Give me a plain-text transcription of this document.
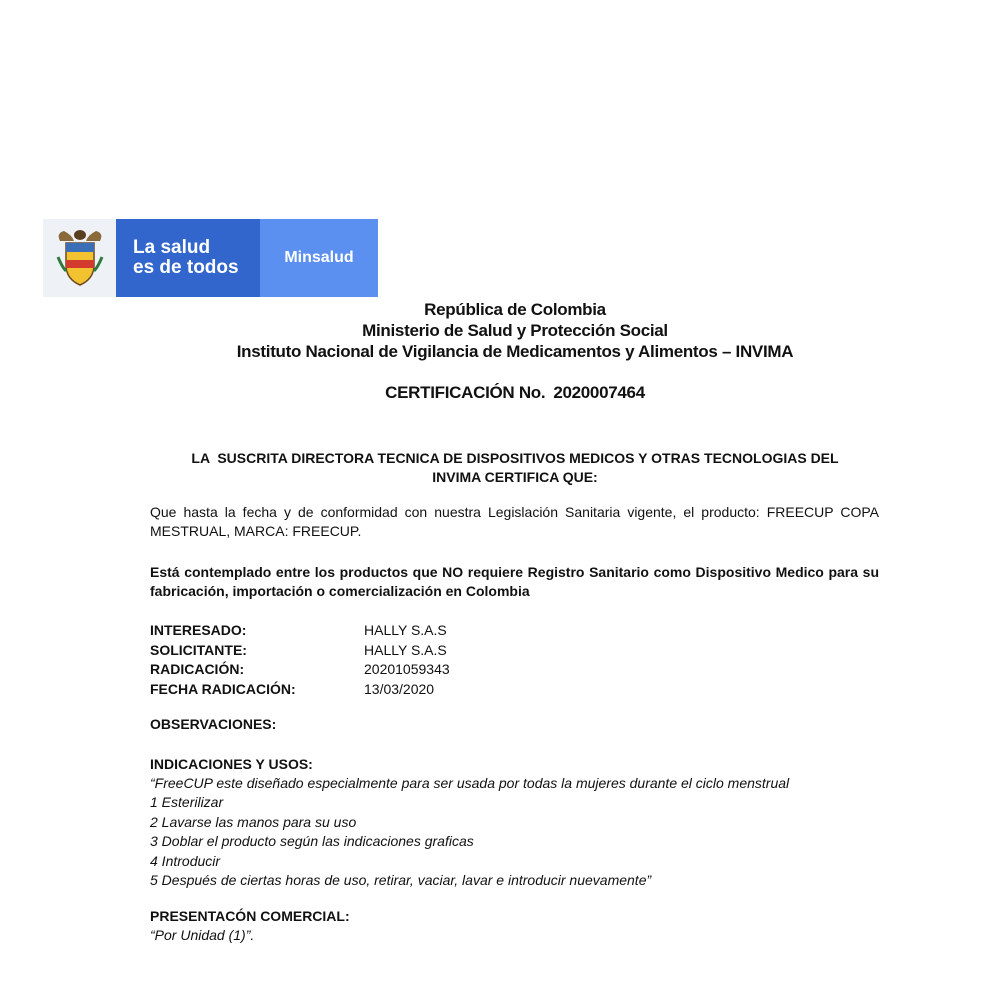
La salud
es de todos	Minsalud
República de Colombia
Ministerio de Salud y Protección Social
Instituto Nacional de Vigilancia de Medicamentos y Alimentos – INVIMA
CERTIFICACIÓN No. 2020007464
LA  SUSCRITA DIRECTORA TECNICA DE DISPOSITIVOS MEDICOS Y OTRAS TECNOLOGIAS DEL
INVIMA CERTIFICA QUE:
Que hasta la fecha y de conformidad con nuestra Legislación Sanitaria vigente, el producto: FREECUP COPA MESTRUAL, MARCA: FREECUP.
Está contemplado entre los productos que NO requiere Registro Sanitario como Dispositivo Medico para su fabricación, importación o comercialización en Colombia
INTERESADO:	HALLY S.A.S
SOLICITANTE:	HALLY S.A.S
RADICACIÓN:	20201059343
FECHA RADICACIÓN:	13/03/2020
OBSERVACIONES:
INDICACIONES Y USOS:
“FreeCUP este diseñado especialmente para ser usada por todas la mujeres durante el ciclo menstrual
1 Esterilizar
2 Lavarse las manos para su uso
3 Doblar el producto según las indicaciones graficas
4 Introducir
5 Después de ciertas horas de uso, retirar, vaciar, lavar e introducir nuevamente”
PRESENTACÓN COMERCIAL:
“Por Unidad (1)”.
